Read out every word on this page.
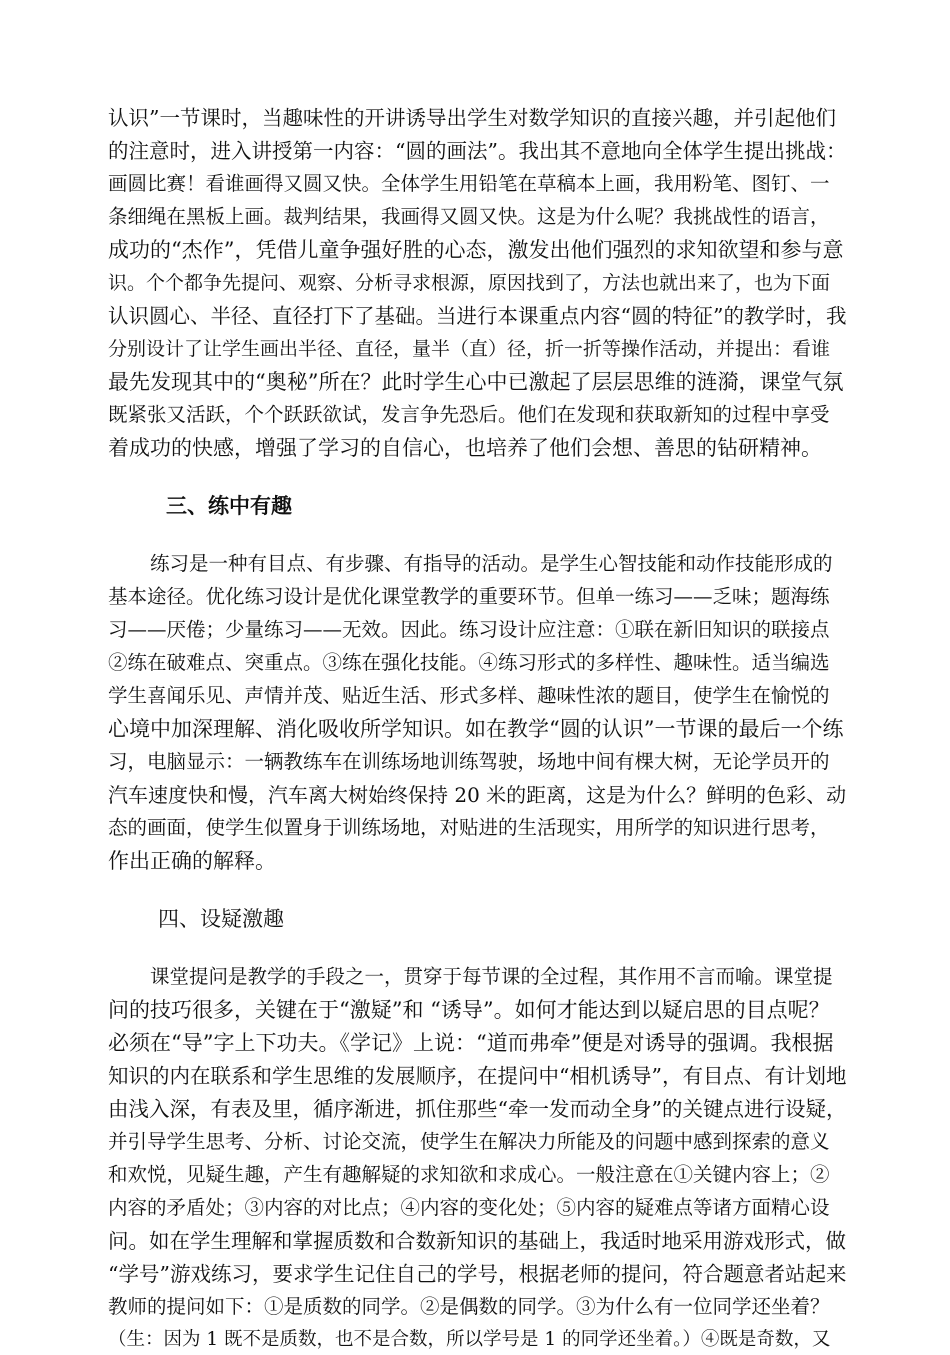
认识”一节课时，当趣味性的开讲诱导出学生对数学知识的直接兴趣，并引起他们
的注意时，进入讲授第一内容：“圆的画法”。我出其不意地向全体学生提出挑战：
画圆比赛！看谁画得又圆又快。全体学生用铅笔在草稿本上画，我用粉笔、图钉、一
条细绳在黑板上画。裁判结果，我画得又圆又快。这是为什么呢？我挑战性的语言，
成功的“杰作”，凭借儿童争强好胜的心态，激发出他们强烈的求知欲望和参与意
识。个个都争先提问、观察、分析寻求根源，原因找到了，方法也就出来了，也为下面
认识圆心、半径、直径打下了基础。当进行本课重点内容“圆的特征”的教学时，我
分别设计了让学生画出半径、直径，量半（直）径，折一折等操作活动，并提出：看谁
最先发现其中的“奥秘”所在？此时学生心中已激起了层层思维的涟漪，课堂气氛
既紧张又活跃，个个跃跃欲试，发言争先恐后。他们在发现和获取新知的过程中享受
着成功的快感，增强了学习的自信心，也培养了他们会想、善思的钻研精神。
三、练中有趣
练习是一种有目点、有步骤、有指导的活动。是学生心智技能和动作技能形成的
基本途径。优化练习设计是优化课堂教学的重要环节。但单一练习——乏味；题海练
习——厌倦；少量练习——无效。因此。练习设计应注意：①联在新旧知识的联接点
②练在破难点、突重点。③练在强化技能。④练习形式的多样性、趣味性。适当编选
学生喜闻乐见、声情并茂、贴近生活、形式多样、趣味性浓的题目，使学生在愉悦的
心境中加深理解、消化吸收所学知识。如在教学“圆的认识”一节课的最后一个练
习，电脑显示：一辆教练车在训练场地训练驾驶，场地中间有棵大树，无论学员开的
汽车速度快和慢，汽车离大树始终保持 20 米的距离，这是为什么？鲜明的色彩、动
态的画面，使学生似置身于训练场地，对贴进的生活现实，用所学的知识进行思考，
作出正确的解释。
四、设疑激趣
课堂提问是教学的手段之一，贯穿于每节课的全过程，其作用不言而喻。课堂提
问的技巧很多，关键在于“激疑”和 “诱导”。如何才能达到以疑启思的目点呢？
必须在“导”字上下功夫。《学记》上说：“道而弗牵”便是对诱导的强调。我根据
知识的内在联系和学生思维的发展顺序，在提问中“相机诱导”，有目点、有计划地
由浅入深，有表及里，循序渐进，抓住那些“牵一发而动全身”的关键点进行设疑，
并引导学生思考、分析、讨论交流，使学生在解决力所能及的问题中感到探索的意义
和欢悦，见疑生趣，产生有趣解疑的求知欲和求成心。一般注意在①关键内容上；②
内容的矛盾处；③内容的对比点；④内容的变化处；⑤内容的疑难点等诸方面精心设
问。如在学生理解和掌握质数和合数新知识的基础上，我适时地采用游戏形式，做
“学号”游戏练习，要求学生记住自己的学号，根据老师的提问，符合题意者站起来
教师的提问如下：①是质数的同学。②是偶数的同学。③为什么有一位同学还坐着？
（生：因为 1 既不是质数，也不是合数，所以学号是 1 的同学还坐着。）④既是奇数，又
